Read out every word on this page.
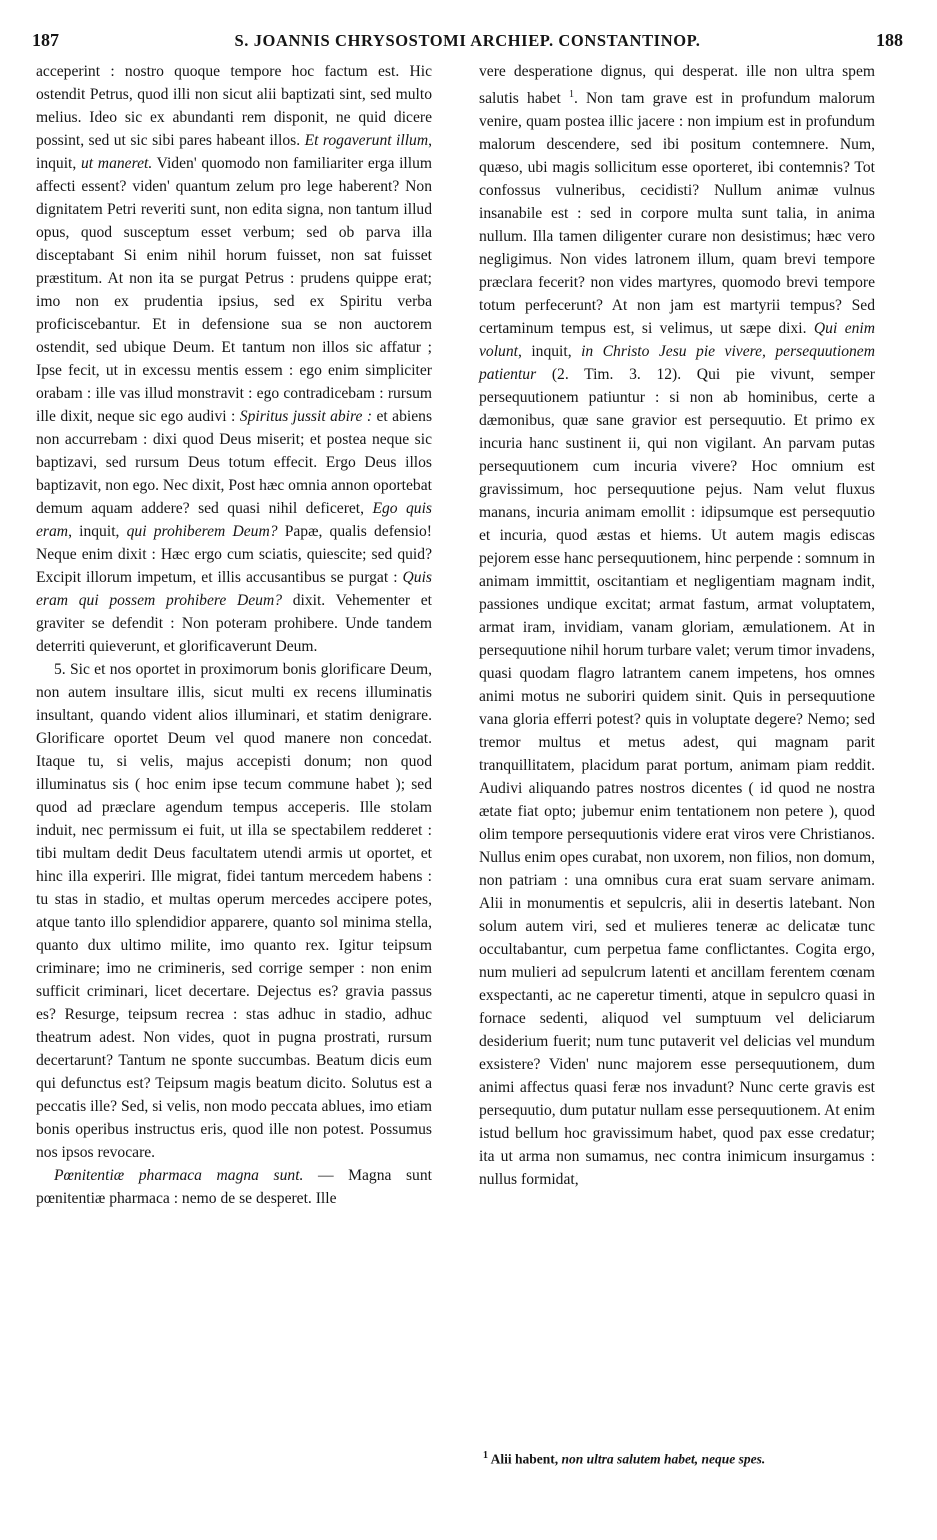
187	S. JOANNIS CHRYSOSTOMI ARCHIEP. CONSTANTINOP.	188

acceperint : nostro quoque tempore hoc factum est. Hic ostendit Petrus, quod illi non sicut alii baptizati sint, sed multo melius. Ideo sic ex abundanti rem disponit, ne quid dicere possint, sed ut sic sibi pares habeant illos. Et rogaverunt illum, inquit, ut maneret. Viden' quomodo non familiariter erga illum affecti essent? viden' quantum zelum pro lege haberent? Non dignitatem Petri reveriti sunt, non edita signa, non tantum illud opus, quod susceptum esset verbum; sed ob parva illa disceptabant Si enim nihil horum fuisset, non sat fuisset præstitum. At non ita se purgat Petrus : prudens quippe erat; imo non ex prudentia ipsius, sed ex Spiritu verba proficiscebantur. Et in defensione sua se non auctorem ostendit, sed ubique Deum. Et tantum non illos sic affatur ; Ipse fecit, ut in excessu mentis essem : ego enim simpliciter orabam : ille vas illud monstravit : ego contradicebam : rursum ille dixit, neque sic ego audivi : Spiritus jussit abire : et abiens non accurrebam : dixi quod Deus miserit; et postea neque sic baptizavi, sed rursum Deus totum effecit. Ergo Deus illos baptizavit, non ego. Nec dixit, Post hæc omnia annon oportebat demum aquam addere? sed quasi nihil deficeret, Ego quis eram, inquit, qui prohiberem Deum? Papæ, qualis defensio! Neque enim dixit : Hæc ergo cum sciatis, quiescite; sed quid? Excipit illorum impetum, et illis accusantibus se purgat : Quis eram qui possem prohibere Deum? dixit. Vehementer et graviter se defendit : Non poteram prohibere. Unde tandem deterriti quieverunt, et glorificaverunt Deum.

5. Sic et nos oportet in proximorum bonis glorificare Deum, non autem insultare illis, sicut multi ex recens illuminatis insultant, quando vident alios illuminari, et statim denigrare. Glorificare oportet Deum vel quod manere non concedat. Itaque tu, si velis, majus accepisti donum; non quod illuminatus sis ( hoc enim ipse tecum commune habet ); sed quod ad præclare agendum tempus acceperis. Ille stolam induit, nec permissum ei fuit, ut illa se spectabilem redderet : tibi multam dedit Deus facultatem utendi armis ut oportet, et hinc illa experiri. Ille migrat, fidei tantum mercedem habens : tu stas in stadio, et multas operum mercedes accipere potes, atque tanto illo splendidior apparere, quanto sol minima stella, quanto dux ultimo milite, imo quanto rex. Igitur teipsum criminare; imo ne crimineris, sed corrige semper : non enim sufficit criminari, licet decertare. Dejectus es? gravia passus es? Resurge, teipsum recrea : stas adhuc in stadio, adhuc theatrum adest. Non vides, quot in pugna prostrati, rursum decertarunt? Tantum ne sponte succumbas. Beatum dicis eum qui defunctus est? Teipsum magis beatum dicito. Solutus est a peccatis ille? Sed, si velis, non modo peccata ablues, imo etiam bonis operibus instructus eris, quod ille non potest. Possumus nos ipsos revocare.

Pœnitentiæ pharmaca magna sunt. — Magna sunt pœnitentiæ pharmaca : nemo de se desperet. Ille

vere desperatione dignus, qui desperat. ille non ultra spem salutis habet $^1$. Non tam grave est in profundum malorum venire, quam postea illic jacere : non impium est in profundum malorum descendere, sed ibi positum contemnere. Num, quæso, ubi magis sollicitum esse oporteret, ibi contemnis? Tot confossus vulneribus, cecidisti? Nullum animæ vulnus insanabile est : sed in corpore multa sunt talia, in anima nullum. Illa tamen diligenter curare non desistimus; hæc vero negligimus. Non vides latronem illum, quam brevi tempore præclara fecerit? non vides martyres, quomodo brevi tempore totum perfecerunt? At non jam est martyrii tempus? Sed certaminum tempus est, si velimus, ut sæpe dixi. Qui enim volunt, inquit, in Christo Jesu pie vivere, persequutionem patientur (2. Tim. 3. 12). Qui pie vivunt, semper persequutionem patiuntur : si non ab hominibus, certe a dæmonibus, quæ sane gravior est persequutio. Et primo ex incuria hanc sustinent ii, qui non vigilant. An parvam putas persequutionem cum incuria vivere? Hoc omnium est gravissimum, hoc persequutione pejus. Nam velut fluxus manans, incuria animam emollit : idipsumque est persequutio et incuria, quod æstas et hiems. Ut autem magis ediscas pejorem esse hanc persequutionem, hinc perpende : somnum in animam immittit, oscitantiam et negligentiam magnam indit, passiones undique excitat; armat fastum, armat voluptatem, armat iram, invidiam, vanam gloriam, æmulationem. At in persequutione nihil horum turbare valet; verum timor invadens, quasi quodam flagro latrantem canem impetens, hos omnes animi motus ne suboriri quidem sinit. Quis in persequutione vana gloria efferri potest? quis in voluptate degere? Nemo; sed tremor multus et metus adest, qui magnam parit tranquillitatem, placidum parat portum, animam piam reddit. Audivi aliquando patres nostros dicentes ( id quod ne nostra ætate fiat opto; jubemur enim tentationem non petere ), quod olim tempore persequutionis videre erat viros vere Christianos. Nullus enim opes curabat, non uxorem, non filios, non domum, non patriam : una omnibus cura erat suam servare animam. Alii in monumentis et sepulcris, alii in desertis latebant. Non solum autem viri, sed et mulieres teneræ ac delicatæ tunc occultabantur, cum perpetua fame conflictantes. Cogita ergo, num mulieri ad sepulcrum latenti et ancillam ferentem cœnam exspectanti, ac ne caperetur timenti, atque in sepulcro quasi in fornace sedenti, aliquod vel sumptuum vel deliciarum desiderium fuerit; num tunc putaverit vel delicias vel mundum exsistere? Viden' nunc majorem esse persequutionem, dum animi affectus quasi feræ nos invadunt? Nunc certe gravis est persequutio, dum putatur nullam esse persequutionem. At enim istud bellum hoc gravissimum habet, quod pax esse credatur; ita ut arma non sumamus, nec contra inimicum insurgamus : nullus formidat,

$^1$ Alii habent, non ultra salutem habet, neque spes.
